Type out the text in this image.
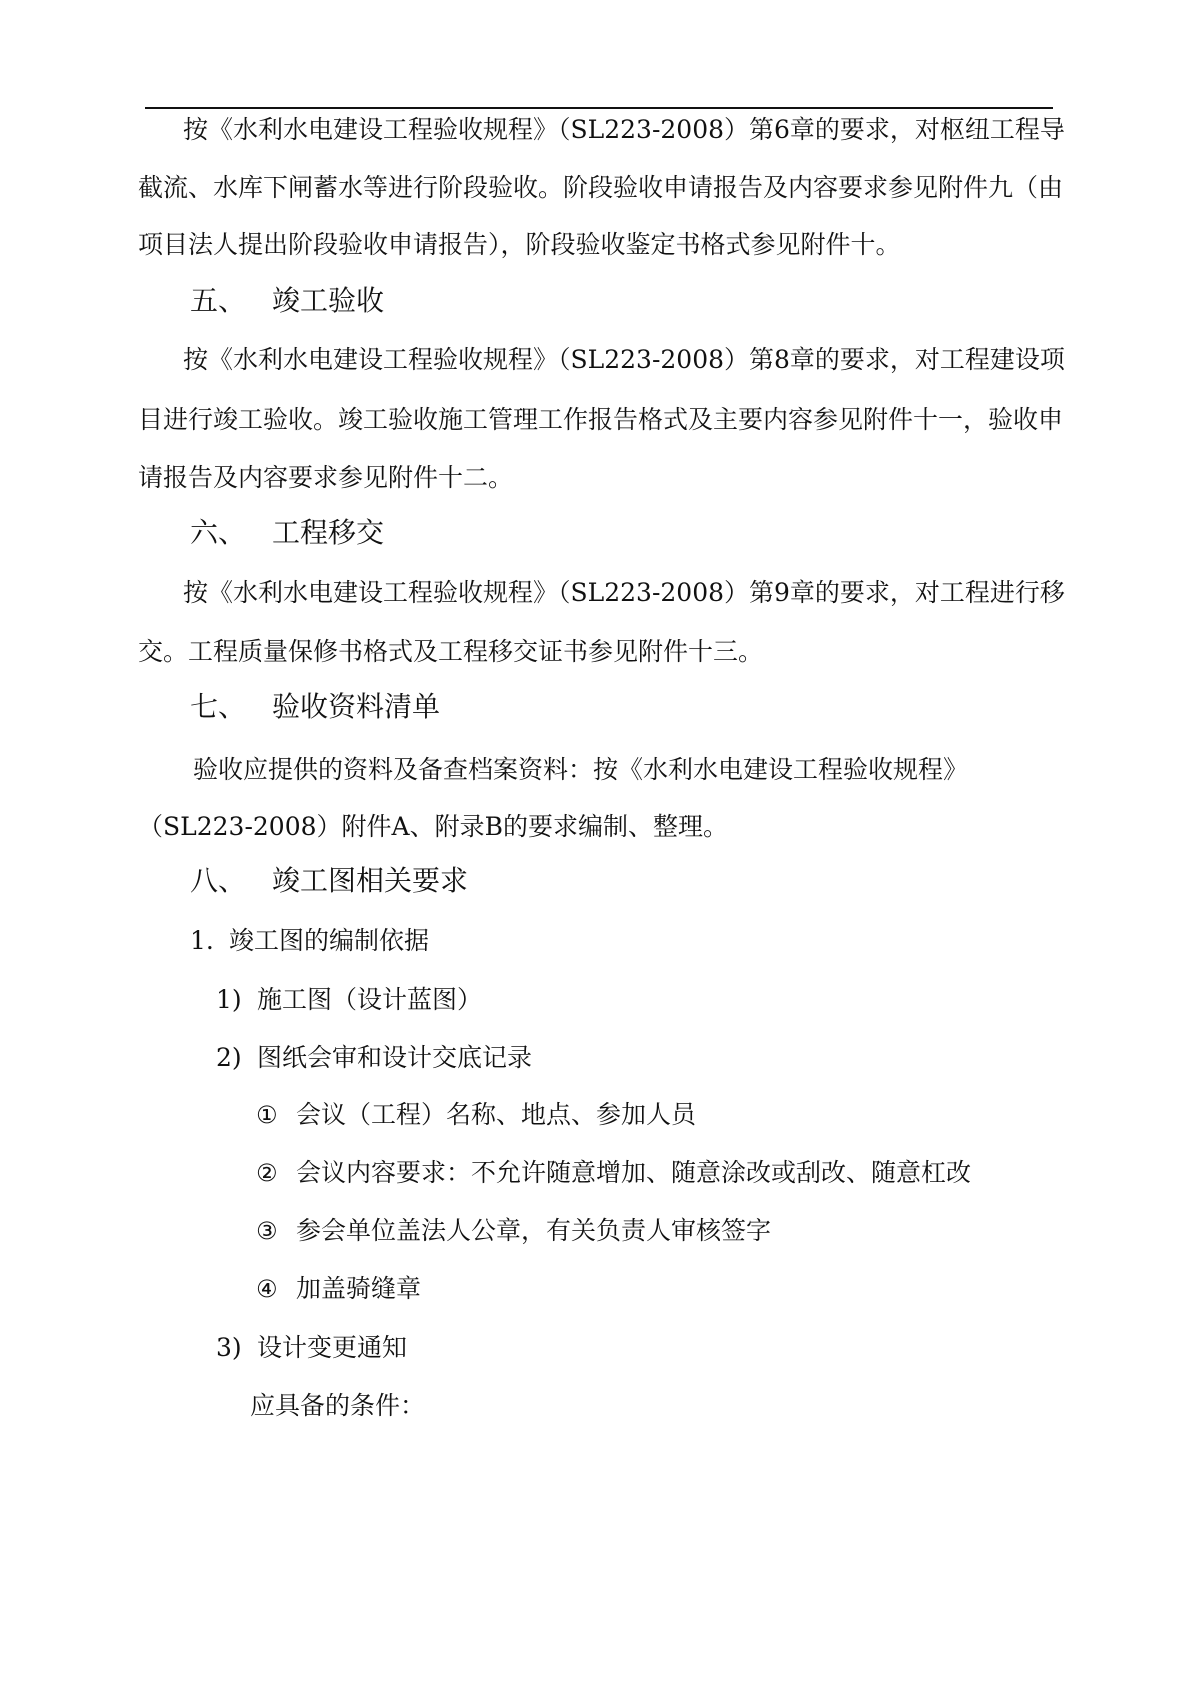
按《水利水电建设工程验收规程》（SL223-2008）第6章的要求，对枢纽工程导
截流、水库下闸蓄水等进行阶段验收。阶段验收申请报告及内容要求参见附件九（由
项目法人提出阶段验收申请报告），阶段验收鉴定书格式参见附件十。
五、 竣工验收
按《水利水电建设工程验收规程》（SL223-2008）第8章的要求，对工程建设项
目进行竣工验收。竣工验收施工管理工作报告格式及主要内容参见附件十一，验收申
请报告及内容要求参见附件十二。
六、 工程移交
按《水利水电建设工程验收规程》（SL223-2008）第9章的要求，对工程进行移
交。工程质量保修书格式及工程移交证书参见附件十三。
七、 验收资料清单
验收应提供的资料及备查档案资料：按《水利水电建设工程验收规程》
（SL223-2008）附件A、附录B的要求编制、整理。
八、 竣工图相关要求
1. 竣工图的编制依据
1) 施工图（设计蓝图）
2) 图纸会审和设计交底记录
① 会议（工程）名称、地点、参加人员
② 会议内容要求：不允许随意增加、随意涂改或刮改、随意杠改
③ 参会单位盖法人公章，有关负责人审核签字
④ 加盖骑缝章
3) 设计变更通知
应具备的条件：
